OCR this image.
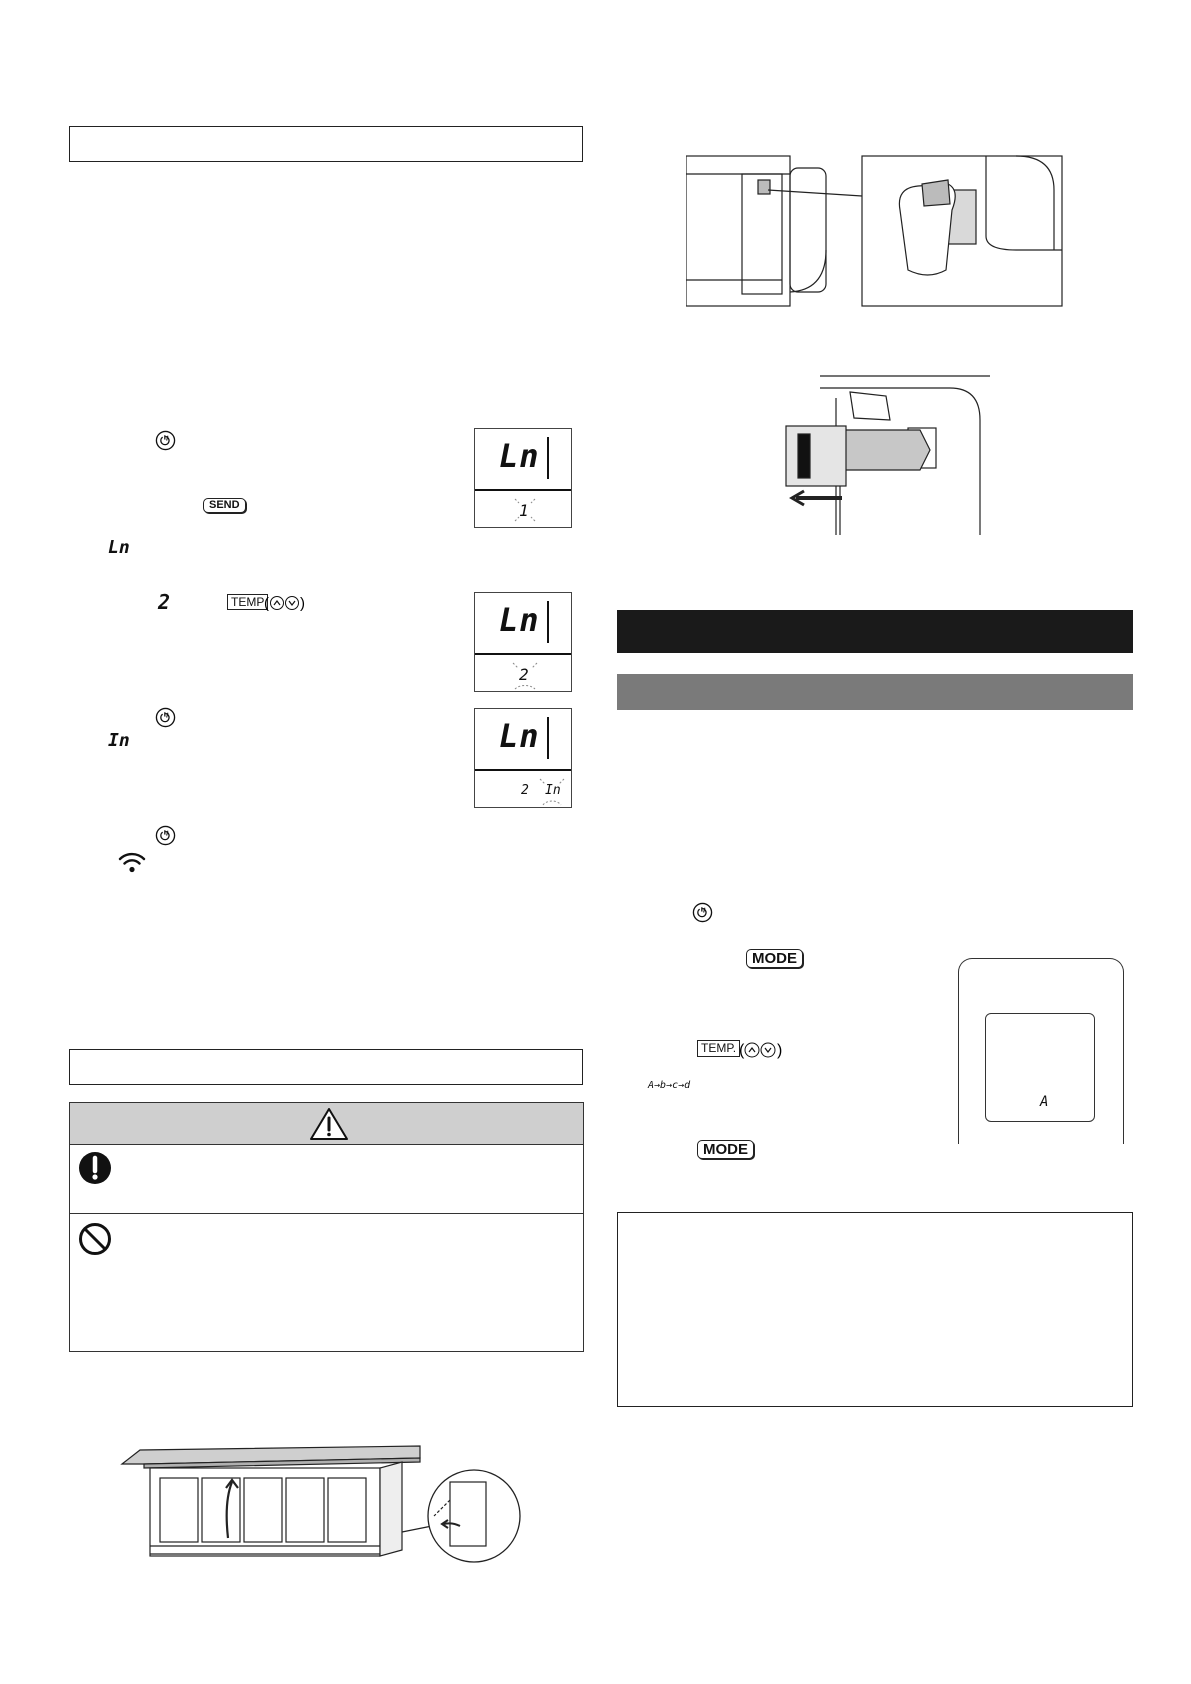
SEND
Ln
Ln
1
2	TEMP ( )	Ln
2
In	Ln
2 In
MODE
TEMP. ( )
A→b→c→d
MODE
A
